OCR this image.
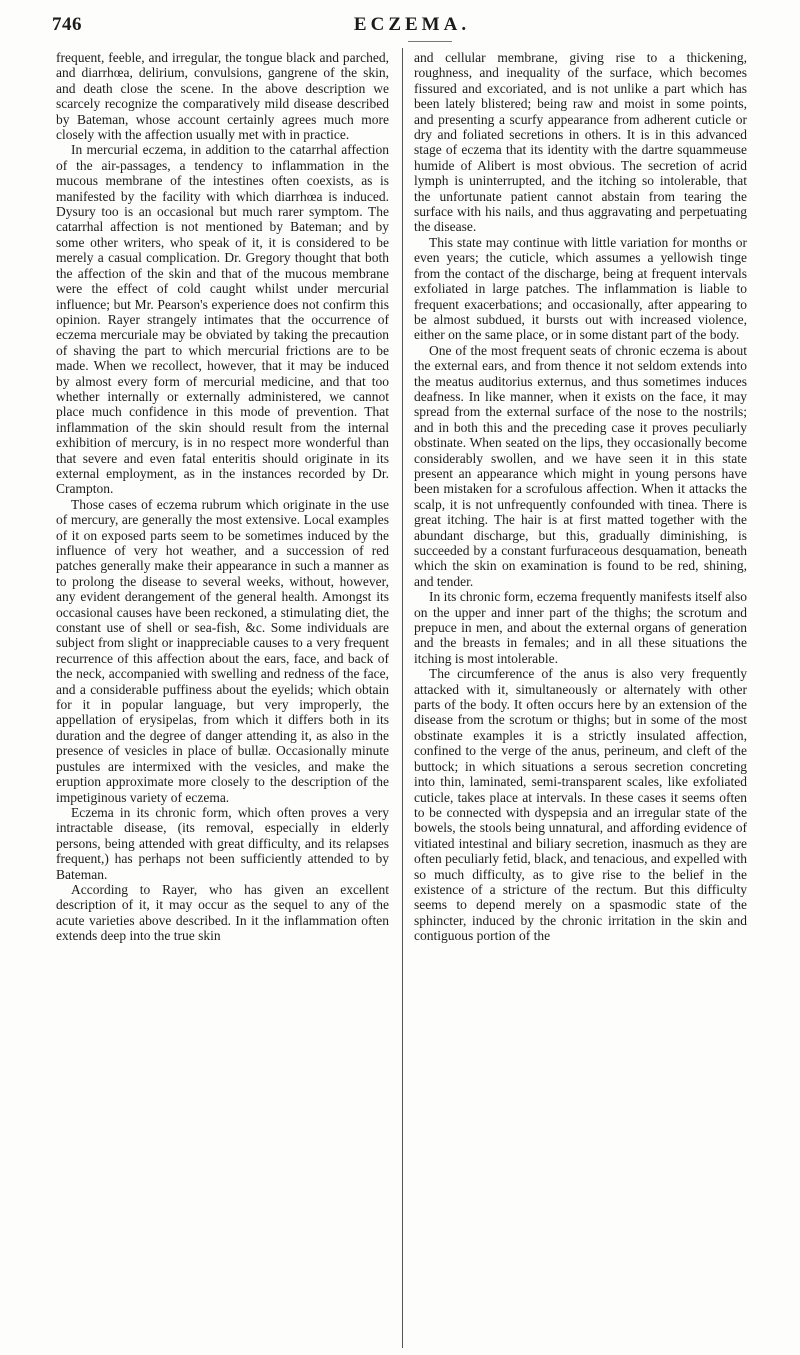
746	ECZEMA.

frequent, feeble, and irregular, the tongue black and parched, and diarrhœa, delirium, convulsions, gangrene of the skin, and death close the scene. In the above description we scarcely recognize the comparatively mild disease described by Bateman, whose account certainly agrees much more closely with the affection usually met with in practice.

In mercurial eczema, in addition to the catarrhal affection of the air-passages, a tendency to inflammation in the mucous membrane of the intestines often coexists, as is manifested by the facility with which diarrhœa is induced. Dysury too is an occasional but much rarer symptom. The catarrhal affection is not mentioned by Bateman; and by some other writers, who speak of it, it is considered to be merely a casual complication. Dr. Gregory thought that both the affection of the skin and that of the mucous membrane were the effect of cold caught whilst under mercurial influence; but Mr. Pearson's experience does not confirm this opinion. Rayer strangely intimates that the occurrence of eczema mercuriale may be obviated by taking the precaution of shaving the part to which mercurial frictions are to be made. When we recollect, however, that it may be induced by almost every form of mercurial medicine, and that too whether internally or externally administered, we cannot place much confidence in this mode of prevention. That inflammation of the skin should result from the internal exhibition of mercury, is in no respect more wonderful than that severe and even fatal enteritis should originate in its external employment, as in the instances recorded by Dr. Crampton.

Those cases of eczema rubrum which originate in the use of mercury, are generally the most extensive. Local examples of it on exposed parts seem to be sometimes induced by the influence of very hot weather, and a succession of red patches generally make their appearance in such a manner as to prolong the disease to several weeks, without, however, any evident derangement of the general health. Amongst its occasional causes have been reckoned, a stimulating diet, the constant use of shell or sea-fish, &c. Some individuals are subject from slight or inappreciable causes to a very frequent recurrence of this affection about the ears, face, and back of the neck, accompanied with swelling and redness of the face, and a considerable puffiness about the eyelids; which obtain for it in popular language, but very improperly, the appellation of erysipelas, from which it differs both in its duration and the degree of danger attending it, as also in the presence of vesicles in place of bullæ. Occasionally minute pustules are intermixed with the vesicles, and make the eruption approximate more closely to the description of the impetiginous variety of eczema.

Eczema in its chronic form, which often proves a very intractable disease, (its removal, especially in elderly persons, being attended with great difficulty, and its relapses frequent,) has perhaps not been sufficiently attended to by Bateman.

According to Rayer, who has given an excellent description of it, it may occur as the sequel to any of the acute varieties above described. In it the inflammation often extends deep into the true skin

and cellular membrane, giving rise to a thickening, roughness, and inequality of the surface, which becomes fissured and excoriated, and is not unlike a part which has been lately blistered; being raw and moist in some points, and presenting a scurfy appearance from adherent cuticle or dry and foliated secretions in others. It is in this advanced stage of eczema that its identity with the dartre squammeuse humide of Alibert is most obvious. The secretion of acrid lymph is uninterrupted, and the itching so intolerable, that the unfortunate patient cannot abstain from tearing the surface with his nails, and thus aggravating and perpetuating the disease.

This state may continue with little variation for months or even years; the cuticle, which assumes a yellowish tinge from the contact of the discharge, being at frequent intervals exfoliated in large patches. The inflammation is liable to frequent exacerbations; and occasionally, after appearing to be almost subdued, it bursts out with increased violence, either on the same place, or in some distant part of the body.

One of the most frequent seats of chronic eczema is about the external ears, and from thence it not seldom extends into the meatus auditorius externus, and thus sometimes induces deafness. In like manner, when it exists on the face, it may spread from the external surface of the nose to the nostrils; and in both this and the preceding case it proves peculiarly obstinate. When seated on the lips, they occasionally become considerably swollen, and we have seen it in this state present an appearance which might in young persons have been mistaken for a scrofulous affection. When it attacks the scalp, it is not unfrequently confounded with tinea. There is great itching. The hair is at first matted together with the abundant discharge, but this, gradually diminishing, is succeeded by a constant furfuraceous desquamation, beneath which the skin on examination is found to be red, shining, and tender.

In its chronic form, eczema frequently manifests itself also on the upper and inner part of the thighs; the scrotum and prepuce in men, and about the external organs of generation and the breasts in females; and in all these situations the itching is most intolerable.

The circumference of the anus is also very frequently attacked with it, simultaneously or alternately with other parts of the body. It often occurs here by an extension of the disease from the scrotum or thighs; but in some of the most obstinate examples it is a strictly insulated affection, confined to the verge of the anus, perineum, and cleft of the buttock; in which situations a serous secretion concreting into thin, laminated, semi-transparent scales, like exfoliated cuticle, takes place at intervals. In these cases it seems often to be connected with dyspepsia and an irregular state of the bowels, the stools being unnatural, and affording evidence of vitiated intestinal and biliary secretion, inasmuch as they are often peculiarly fetid, black, and tenacious, and expelled with so much difficulty, as to give rise to the belief in the existence of a stricture of the rectum. But this difficulty seems to depend merely on a spasmodic state of the sphincter, induced by the chronic irritation in the skin and contiguous portion of the
